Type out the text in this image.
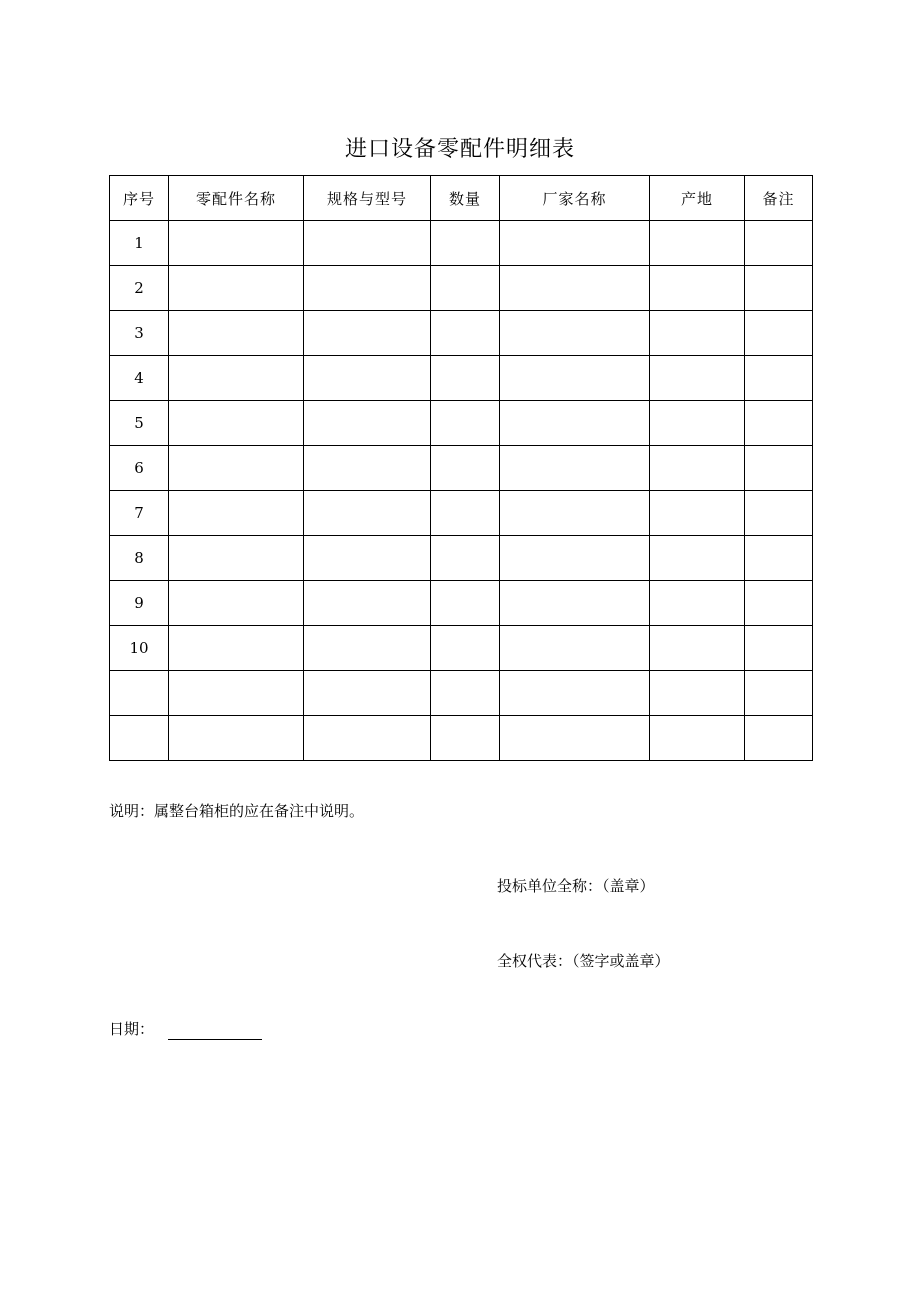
进口设备零配件明细表
序号	零配件名称	规格与型号	数量	厂家名称	产地	备注
1						
2						
3						
4						
5						
6						
7						
8						
9						
10						

说明：属整台箱柜的应在备注中说明。
投标单位全称：（盖章）
全权代表：（签字或盖章）
日期：
